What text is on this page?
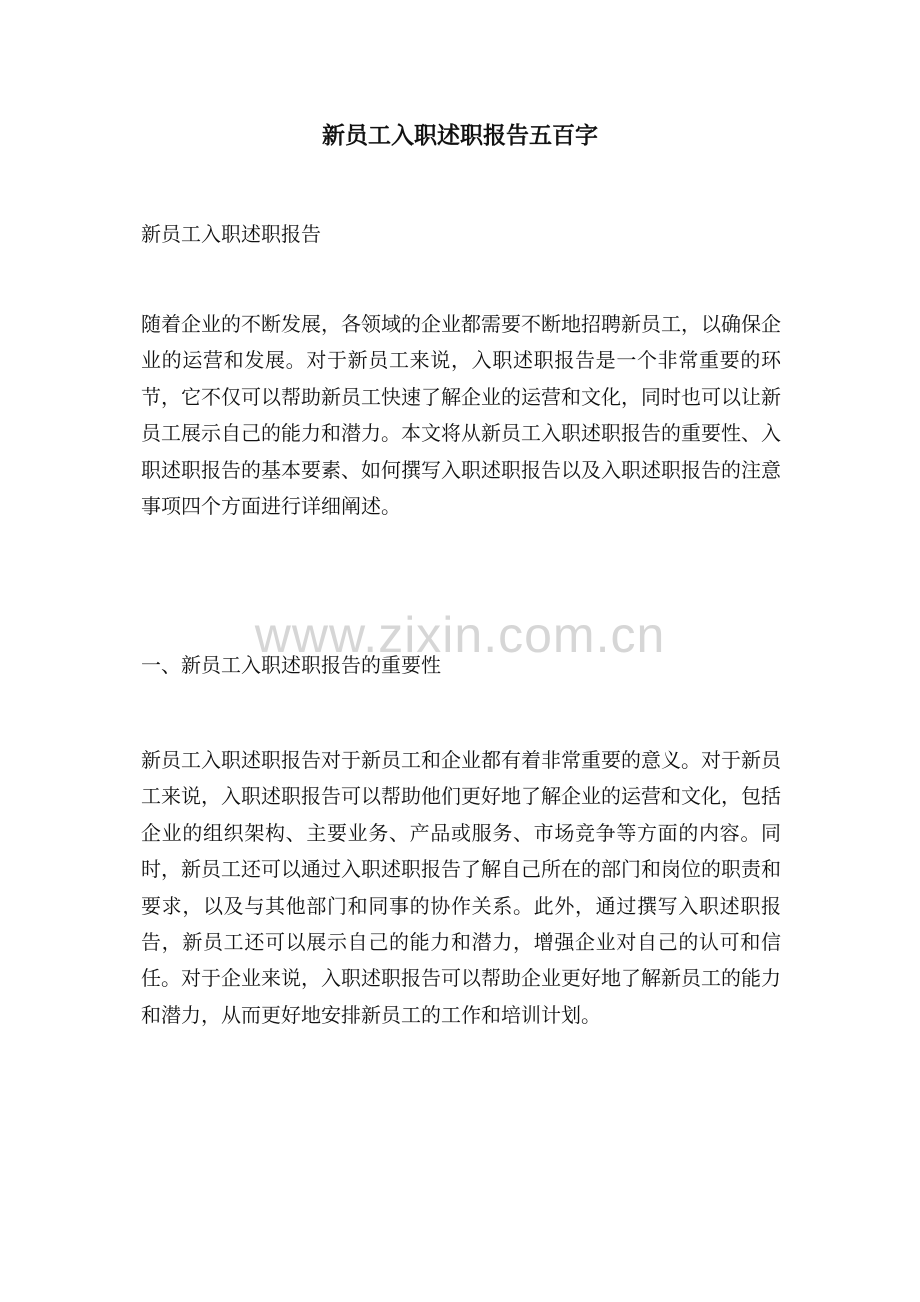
新员工入职述职报告五百字

新员工入职述职报告

随着企业的不断发展，各领域的企业都需要不断地招聘新员工，以确保企业的运营和发展。对于新员工来说，入职述职报告是一个非常重要的环节，它不仅可以帮助新员工快速了解企业的运营和文化，同时也可以让新员工展示自己的能力和潜力。本文将从新员工入职述职报告的重要性、入职述职报告的基本要素、如何撰写入职述职报告以及入职述职报告的注意事项四个方面进行详细阐述。

www.zixin.com.cn

一、新员工入职述职报告的重要性

新员工入职述职报告对于新员工和企业都有着非常重要的意义。对于新员工来说，入职述职报告可以帮助他们更好地了解企业的运营和文化，包括企业的组织架构、主要业务、产品或服务、市场竞争等方面的内容。同时，新员工还可以通过入职述职报告了解自己所在的部门和岗位的职责和要求，以及与其他部门和同事的协作关系。此外，通过撰写入职述职报告，新员工还可以展示自己的能力和潜力，增强企业对自己的认可和信任。对于企业来说，入职述职报告可以帮助企业更好地了解新员工的能力和潜力，从而更好地安排新员工的工作和培训计划。
